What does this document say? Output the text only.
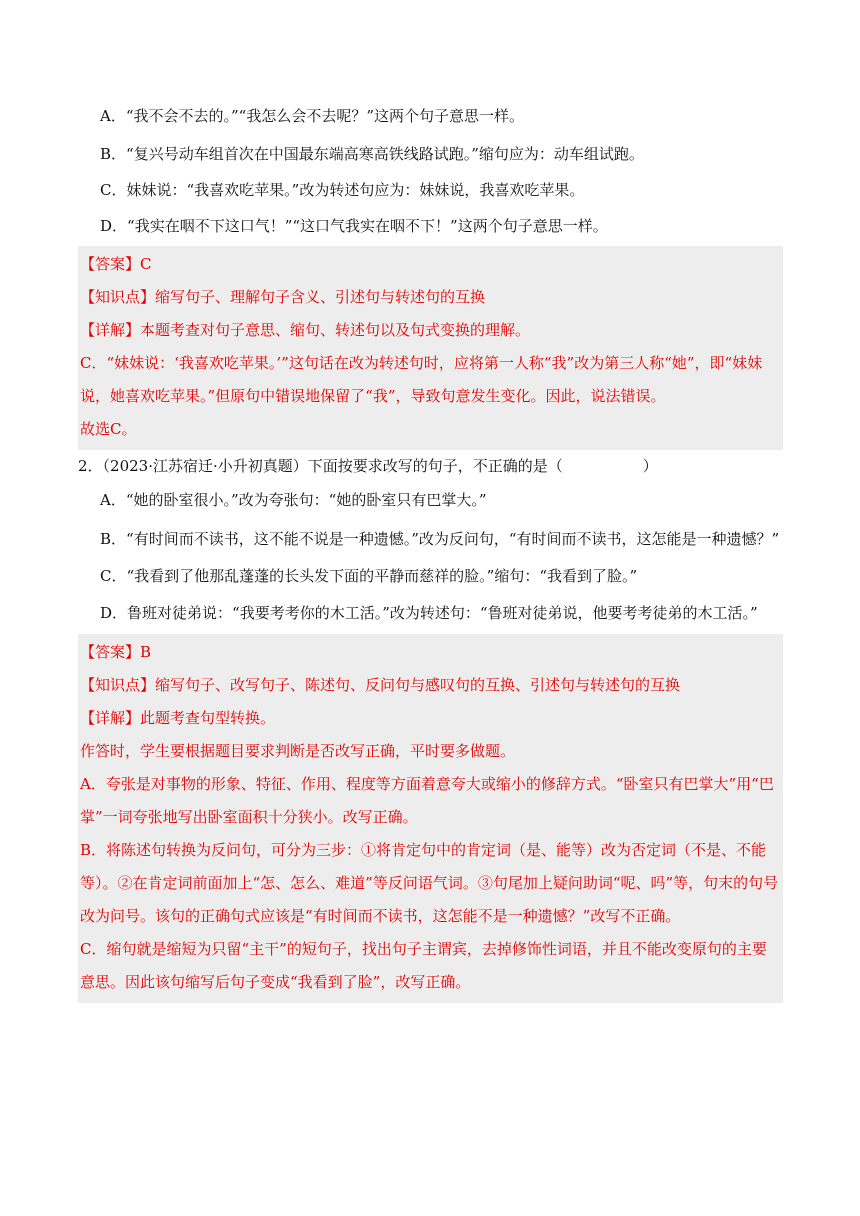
A．“我不会不去的。”“我怎么会不去呢？”这两个句子意思一样。
B．“复兴号动车组首次在中国最东端高寒高铁线路试跑。”缩句应为：动车组试跑。
C．妹妹说：“我喜欢吃苹果。”改为转述句应为：妹妹说，我喜欢吃苹果。
D．“我实在咽不下这口气！”“这口气我实在咽不下！”这两个句子意思一样。

【答案】C

【知识点】缩写句子、理解句子含义、引述句与转述句的互换

【详解】本题考查对句子意思、缩句、转述句以及句式变换的理解。

C．“妹妹说：‘我喜欢吃苹果。’”这句话在改为转述句时，应将第一人称“我”改为第三人称“她”，即“妹妹说，她喜欢吃苹果。”但原句中错误地保留了“我”，导致句意发生变化。因此，说法错误。

故选C。

2．（2023·江苏宿迁·小升初真题）下面按要求改写的句子，不正确的是（	）
A．“她的卧室很小。”改为夸张句：“她的卧室只有巴掌大。”
B．“有时间而不读书，这不能不说是一种遗憾。”改为反问句，“有时间而不读书，这怎能是一种遗憾？”
C．“我看到了他那乱蓬蓬的长头发下面的平静而慈祥的脸。”缩句：“我看到了脸。”
D．鲁班对徒弟说：“我要考考你的木工活。”改为转述句：“鲁班对徒弟说，他要考考徒弟的木工活。”

【答案】B

【知识点】缩写句子、改写句子、陈述句、反问句与感叹句的互换、引述句与转述句的互换

【详解】此题考查句型转换。

作答时，学生要根据题目要求判断是否改写正确，平时要多做题。

A．夸张是对事物的形象、特征、作用、程度等方面着意夸大或缩小的修辞方式。“卧室只有巴掌大”用“巴掌”一词夸张地写出卧室面积十分狭小。改写正确。

B．将陈述句转换为反问句，可分为三步：①将肯定句中的肯定词（是、能等）改为否定词（不是、不能等）。②在肯定词前面加上“怎、怎么、难道”等反问语气词。③句尾加上疑问助词“呢、吗”等，句末的句号改为问号。该句的正确句式应该是“有时间而不读书，这怎能不是一种遗憾？”改写不正确。

C．缩句就是缩短为只留“主干”的短句子，找出句子主谓宾，去掉修饰性词语，并且不能改变原句的主要意思。因此该句缩写后句子变成“我看到了脸”，改写正确。
